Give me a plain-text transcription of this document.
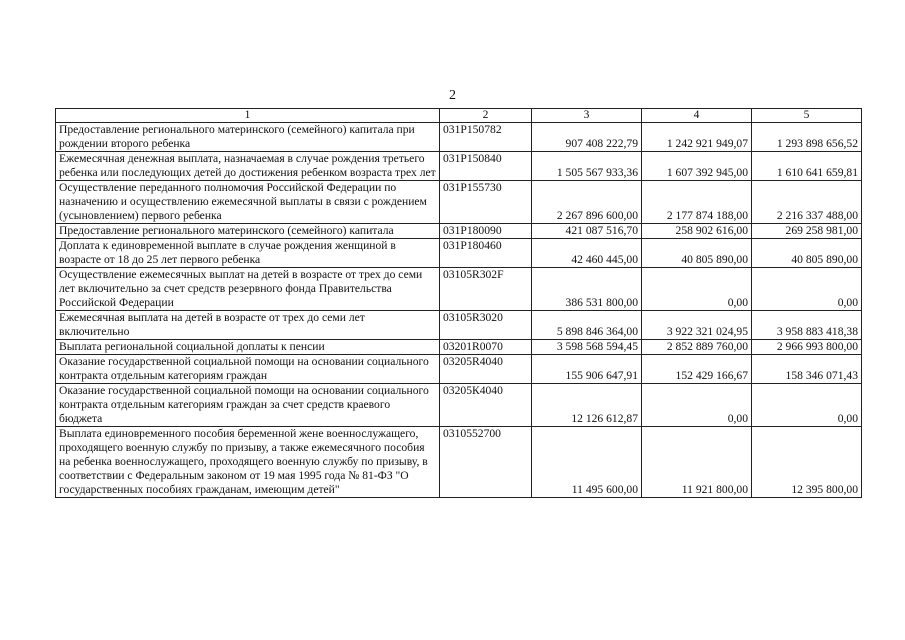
2
1	2	3	4	5
Предоставление регионального материнского (семейного) капитала при рождении второго ребенка	031P150782	907 408 222,79	1 242 921 949,07	1 293 898 656,52
Ежемесячная денежная выплата, назначаемая в случае рождения третьего ребенка или последующих детей до достижения ребенком возраста трех лет	031P150840	1 505 567 933,36	1 607 392 945,00	1 610 641 659,81
Осуществление переданного полномочия Российской Федерации по назначению и осуществлению ежемесячной выплаты в связи с рождением (усыновлением) первого ребенка	031P155730	2 267 896 600,00	2 177 874 188,00	2 216 337 488,00
Предоставление регионального материнского (семейного) капитала	031P180090	421 087 516,70	258 902 616,00	269 258 981,00
Доплата к единовременной выплате в случае рождения женщиной в возрасте от 18 до 25 лет первого ребенка	031P180460	42 460 445,00	40 805 890,00	40 805 890,00
Осуществление ежемесячных выплат на детей в возрасте от трех до семи лет включительно за счет средств резервного фонда Правительства Российской Федерации	03105R302F	386 531 800,00	0,00	0,00
Ежемесячная выплата на детей в возрасте от трех до семи лет включительно	03105R3020	5 898 846 364,00	3 922 321 024,95	3 958 883 418,38
Выплата региональной социальной доплаты к пенсии	03201R0070	3 598 568 594,45	2 852 889 760,00	2 966 993 800,00
Оказание государственной социальной помощи на основании социального контракта отдельным категориям граждан	03205R4040	155 906 647,91	152 429 166,67	158 346 071,43
Оказание государственной социальной помощи на основании социального контракта отдельным категориям граждан за счет средств краевого бюджета	03205К4040	12 126 612,87	0,00	0,00
Выплата единовременного пособия беременной жене военнослужащего, проходящего военную службу по призыву, а также ежемесячного пособия на ребенка военнослужащего, проходящего военную службу по призыву, в соответствии с Федеральным законом от 19 мая 1995 года № 81-ФЗ "О государственных пособиях гражданам, имеющим детей"	0310552700	11 495 600,00	11 921 800,00	12 395 800,00
